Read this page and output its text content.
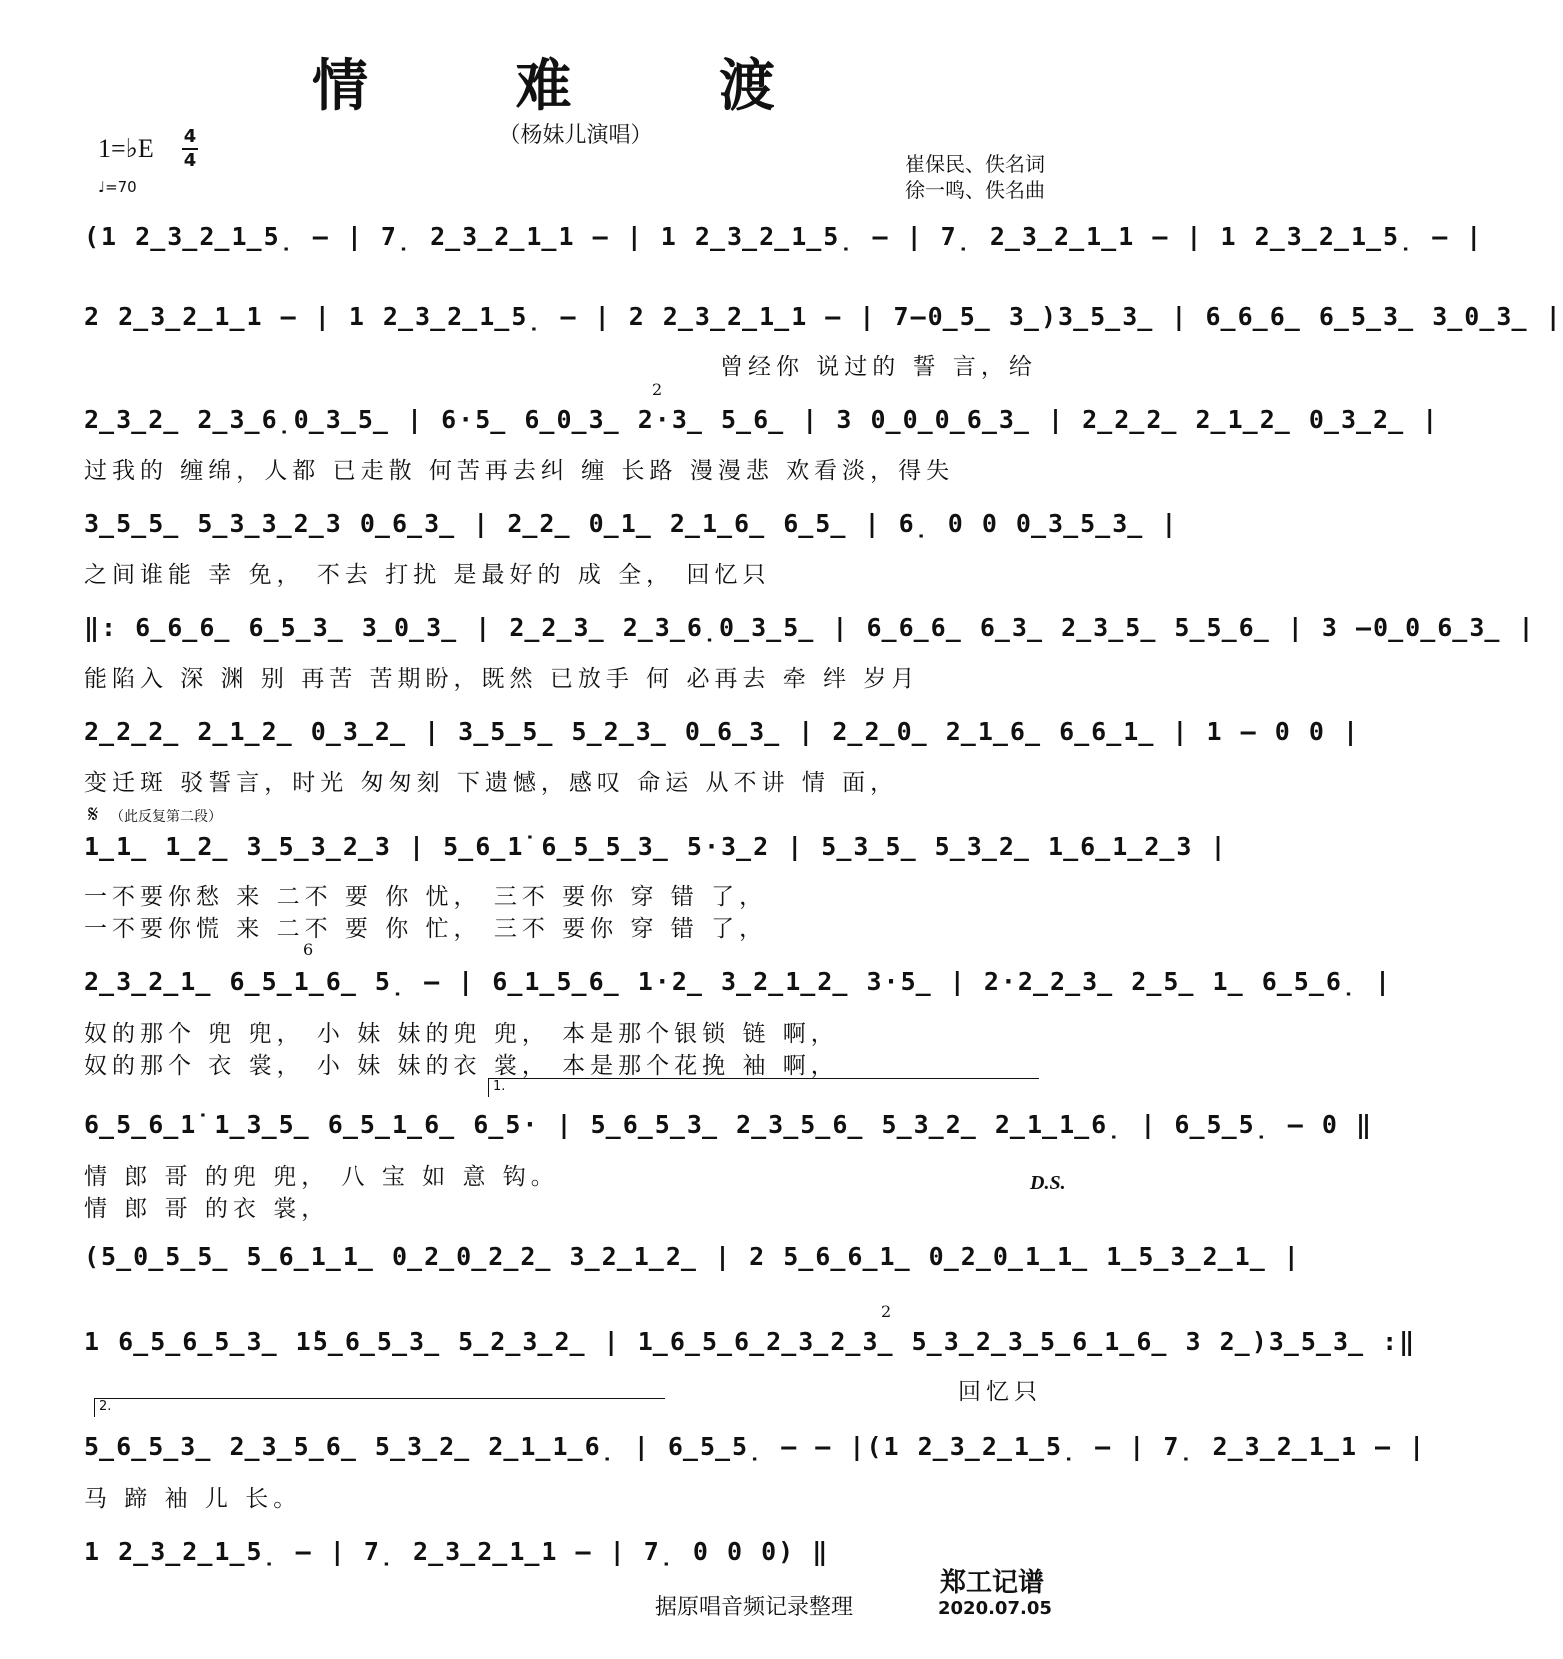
情 难 渡
（杨妹儿演唱）
1=♭E 4
4
♩=70
崔保民、佚名词
徐一鸣、佚名曲
(1 2̲3̲2̲1̲5̣ – | 7̣ 2̲3̲2̲1̲1 – | 1 2̲3̲2̲1̲5̣ – | 7̣ 2̲3̲2̲1̲1 – | 1 2̲3̲2̲1̲5̣ – |
2 2̲3̲2̲1̲1 – | 1 2̲3̲2̲1̲5̣ – | 2 2̲3̲2̲1̲1 – | 7–0̲5̲ 3̲)3̲5̲3̲ | 6̲6̲6̲ 6̲5̲3̲ 3̲0̲3̲ |
曾经你 说过的 誓 言，给
2̲3̲2̲ 2̲3̲6̣0̲3̲5̲ | 6·5̲ 6̲0̲3̲ 2·3̲ 5̲6̲ | 3 0̲0̲0̲6̲3̲ | 2̲2̲2̲ 2̲1̲2̲ 0̲3̲2̲ |
2
过我的 缠绵，人都 已走散 何苦再去纠 缠 长路 漫漫悲 欢看淡，得失
3̲5̲5̲ 5̲3̲3̲2̲3 0̲6̲3̲ | 2̲2̲ 0̲1̲ 2̲1̲6̲ 6̲5̲ | 6̣ 0 0 0̲3̲5̲3̲ |
之间谁能 幸 免， 不去 打扰 是最好的 成 全， 回忆只
‖: 6̲6̲6̲ 6̲5̲3̲ 3̲0̲3̲ | 2̲2̲3̲ 2̲3̲6̣0̲3̲5̲ | 6̲6̲6̲ 6̲3̲ 2̲3̲5̲ 5̲5̲6̲ | 3 –0̲0̲6̲3̲ |
能陷入 深 渊 别 再苦 苦期盼，既然 已放手 何 必再去 牵 绊 岁月
2̲2̲2̲ 2̲1̲2̲ 0̲3̲2̲ | 3̲5̲5̲ 5̲2̲3̲ 0̲6̲3̲ | 2̲2̲0̲ 2̲1̲6̲ 6̲6̲1̲ | 1 – 0 0 |
变迁斑 驳誓言，时光 匆匆刻 下遗憾，感叹 命运 从不讲 情 面，
𝄋 （此反复第二段）
1̲1̲ 1̲2̲ 3̲5̲3̲2̲3 | 5̲6̲1̇ 6̲5̲5̲3̲ 5·3̲2 | 5̲3̲5̲ 5̲3̲2̲ 1̲6̲1̲2̲3 |
一不要你愁 来 二不 要 你 忧， 三不 要你 穿 错 了，
一不要你慌 来 二不 要 你 忙， 三不 要你 穿 错 了，
2̲3̲2̲1̲ 6̲5̲1̲6̲ 5̣ – | 6̲1̲5̲6̲ 1·2̲ 3̲2̲1̲2̲ 3·5̲ | 2·2̲2̲3̲ 2̲5̲ 1̲ 6̲5̲6̣ |
6
奴的那个 兜 兜， 小 妹 妹的兜 兜， 本是那个银锁 链 啊，
奴的那个 衣 裳， 小 妹 妹的衣 裳， 本是那个花挽 袖 啊，
1.
6̲5̲6̲1̇ 1̲3̲5̲ 6̲5̲1̲6̲ 6̲5· | 5̲6̲5̲3̲ 2̲3̲5̲6̲ 5̲3̲2̲ 2̲1̲1̲6̣ | 6̲5̲5̣ – 0 ‖
情 郎 哥 的兜 兜， 八 宝 如 意 钩。
情 郎 哥 的衣 裳，
D.S.
(5̲0̲5̲5̲ 5̲6̲1̲1̲ 0̲2̲0̲2̲2̲ 3̲2̲1̲2̲ | 2 5̲6̲6̲1̲ 0̲2̲0̲1̲1̲ 1̲5̲3̲2̲1̲ |
1 6̲5̲6̲5̲3̲ 1̇5̲6̲5̲3̲ 5̲2̲3̲2̲ | 1̲6̲5̲6̲2̲3̲2̲3̲ 5̲3̲2̲3̲5̲6̲1̲6̲ 3 2̲)3̲5̲3̲ :‖
2
回忆只
2.
5̲6̲5̲3̲ 2̲3̲5̲6̲ 5̲3̲2̲ 2̲1̲1̲6̣ | 6̲5̲5̣ – – |(1 2̲3̲2̲1̲5̣ – | 7̣ 2̲3̲2̲1̲1 – |
马 蹄 袖 儿 长。
1 2̲3̲2̲1̲5̣ – | 7̣ 2̲3̲2̲1̲1 – | 7̣ 0 0 0) ‖
据原唱音频记录整理
郑工记谱
2020.07.05
